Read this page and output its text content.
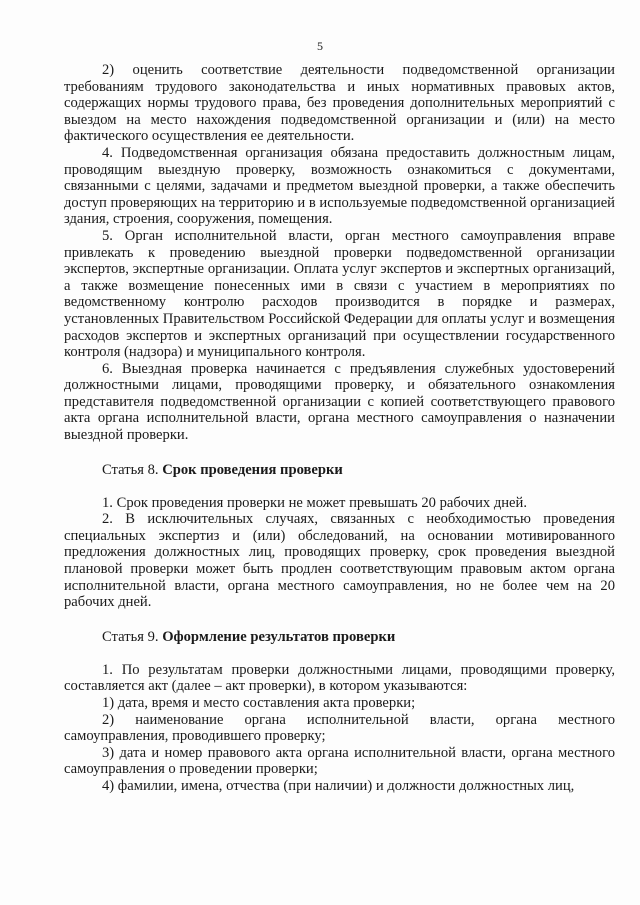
5

2) оценить соответствие деятельности подведомственной организации требованиям трудового законодательства и иных нормативных правовых актов, содержащих нормы трудового права, без проведения дополнительных мероприятий с выездом на место нахождения подведомственной организации и (или) на место фактического осуществления ее деятельности.

4. Подведомственная организация обязана предоставить должностным лицам, проводящим выездную проверку, возможность ознакомиться с документами, связанными с целями, задачами и предметом выездной проверки, а также обеспечить доступ проверяющих на территорию и в используемые подведомственной организацией здания, строения, сооружения, помещения.

5. Орган исполнительной власти, орган местного самоуправления вправе привлекать к проведению выездной проверки подведомственной организации экспертов, экспертные организации. Оплата услуг экспертов и экспертных организаций, а также возмещение понесенных ими в связи с участием в мероприятиях по ведомственному контролю расходов производится в порядке и размерах, установленных Правительством Российской Федерации для оплаты услуг и возмещения расходов экспертов и экспертных организаций при осуществлении государственного контроля (надзора) и муниципального контроля.

6. Выездная проверка начинается с предъявления служебных удостоверений должностными лицами, проводящими проверку, и обязательного ознакомления представителя подведомственной организации с копией соответствующего правового акта органа исполнительной власти, органа местного самоуправления о назначении выездной проверки.

Статья 8. Срок проведения проверки

1. Срок проведения проверки не может превышать 20 рабочих дней.

2. В исключительных случаях, связанных с необходимостью проведения специальных экспертиз и (или) обследований, на основании мотивированного предложения должностных лиц, проводящих проверку, срок проведения выездной плановой проверки может быть продлен соответствующим правовым актом органа исполнительной власти, органа местного самоуправления, но не более чем на 20 рабочих дней.

Статья 9. Оформление результатов проверки

1. По результатам проверки должностными лицами, проводящими проверку, составляется акт (далее – акт проверки), в котором указываются:

1) дата, время и место составления акта проверки;

2) наименование органа исполнительной власти, органа местного самоуправления, проводившего проверку;

3) дата и номер правового акта органа исполнительной власти, органа местного самоуправления о проведении проверки;

4) фамилии, имена, отчества (при наличии) и должности должностных лиц,
